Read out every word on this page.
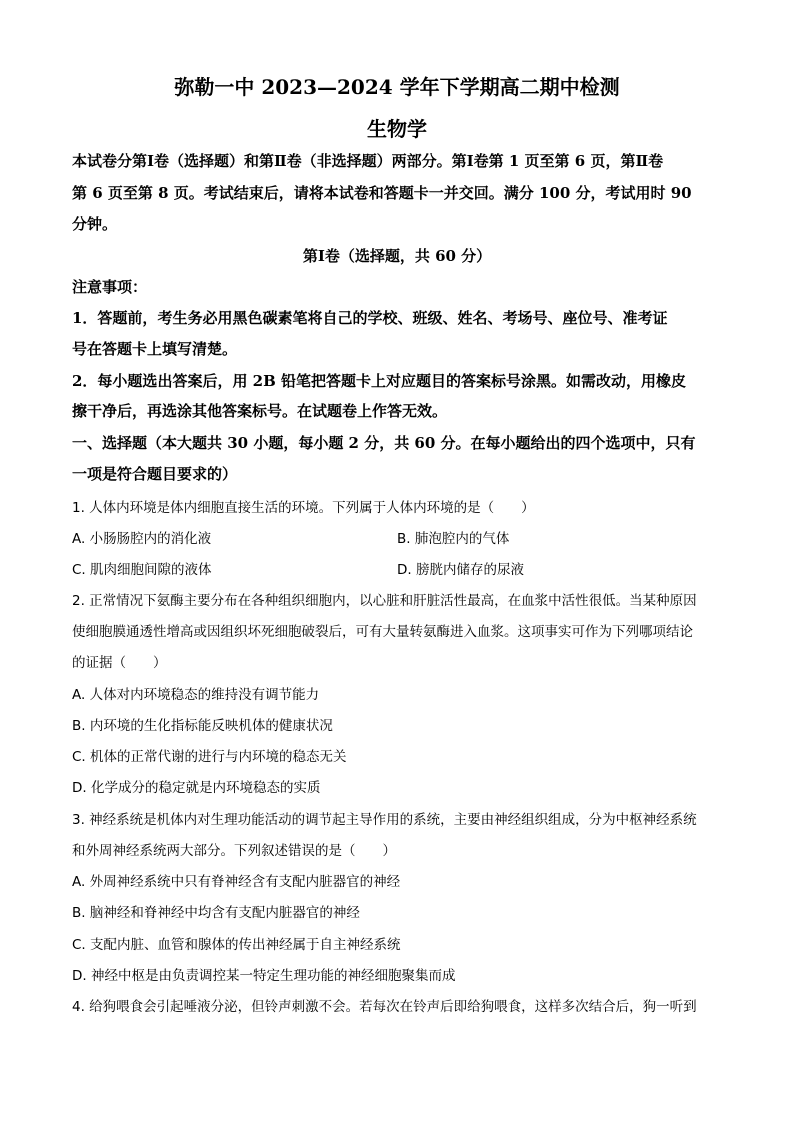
弥勒一中 2023—2024 学年下学期高二期中检测
生物学
本试卷分第Ⅰ卷（选择题）和第Ⅱ卷（非选择题）两部分。第Ⅰ卷第 1 页至第 6 页，第Ⅱ卷
第 6 页至第 8 页。考试结束后，请将本试卷和答题卡一并交回。满分 100 分，考试用时 90
分钟。
第Ⅰ卷（选择题，共 60 分）
注意事项：
1．答题前，考生务必用黑色碳素笔将自己的学校、班级、姓名、考场号、座位号、准考证
号在答题卡上填写清楚。
2．每小题选出答案后，用 2B 铅笔把答题卡上对应题目的答案标号涂黑。如需改动，用橡皮
擦干净后，再选涂其他答案标号。在试题卷上作答无效。
一、选择题（本大题共 30 小题，每小题 2 分，共 60 分。在每小题给出的四个选项中，只有
一项是符合题目要求的）
1. 人体内环境是体内细胞直接生活的环境。下列属于人体内环境的是（　　）
A. 小肠肠腔内的消化液	B. 肺泡腔内的气体
C. 肌肉细胞间隙的液体	D. 膀胱内储存的尿液
2. 正常情况下氨酶主要分布在各种组织细胞内，以心脏和肝脏活性最高，在血浆中活性很低。当某种原因
使细胞膜通透性增高或因组织坏死细胞破裂后，可有大量转氨酶进入血浆。这项事实可作为下列哪项结论
的证据（　　）
A. 人体对内环境稳态的维持没有调节能力
B. 内环境的生化指标能反映机体的健康状况
C. 机体的正常代谢的进行与内环境的稳态无关
D. 化学成分的稳定就是内环境稳态的实质
3. 神经系统是机体内对生理功能活动的调节起主导作用的系统，主要由神经组织组成，分为中枢神经系统
和外周神经系统两大部分。下列叙述错误的是（　　）
A. 外周神经系统中只有脊神经含有支配内脏器官的神经
B. 脑神经和脊神经中均含有支配内脏器官的神经
C. 支配内脏、血管和腺体的传出神经属于自主神经系统
D. 神经中枢是由负责调控某一特定生理功能的神经细胞聚集而成
4. 给狗喂食会引起唾液分泌，但铃声刺激不会。若每次在铃声后即给狗喂食，这样多次结合后，狗一听到
